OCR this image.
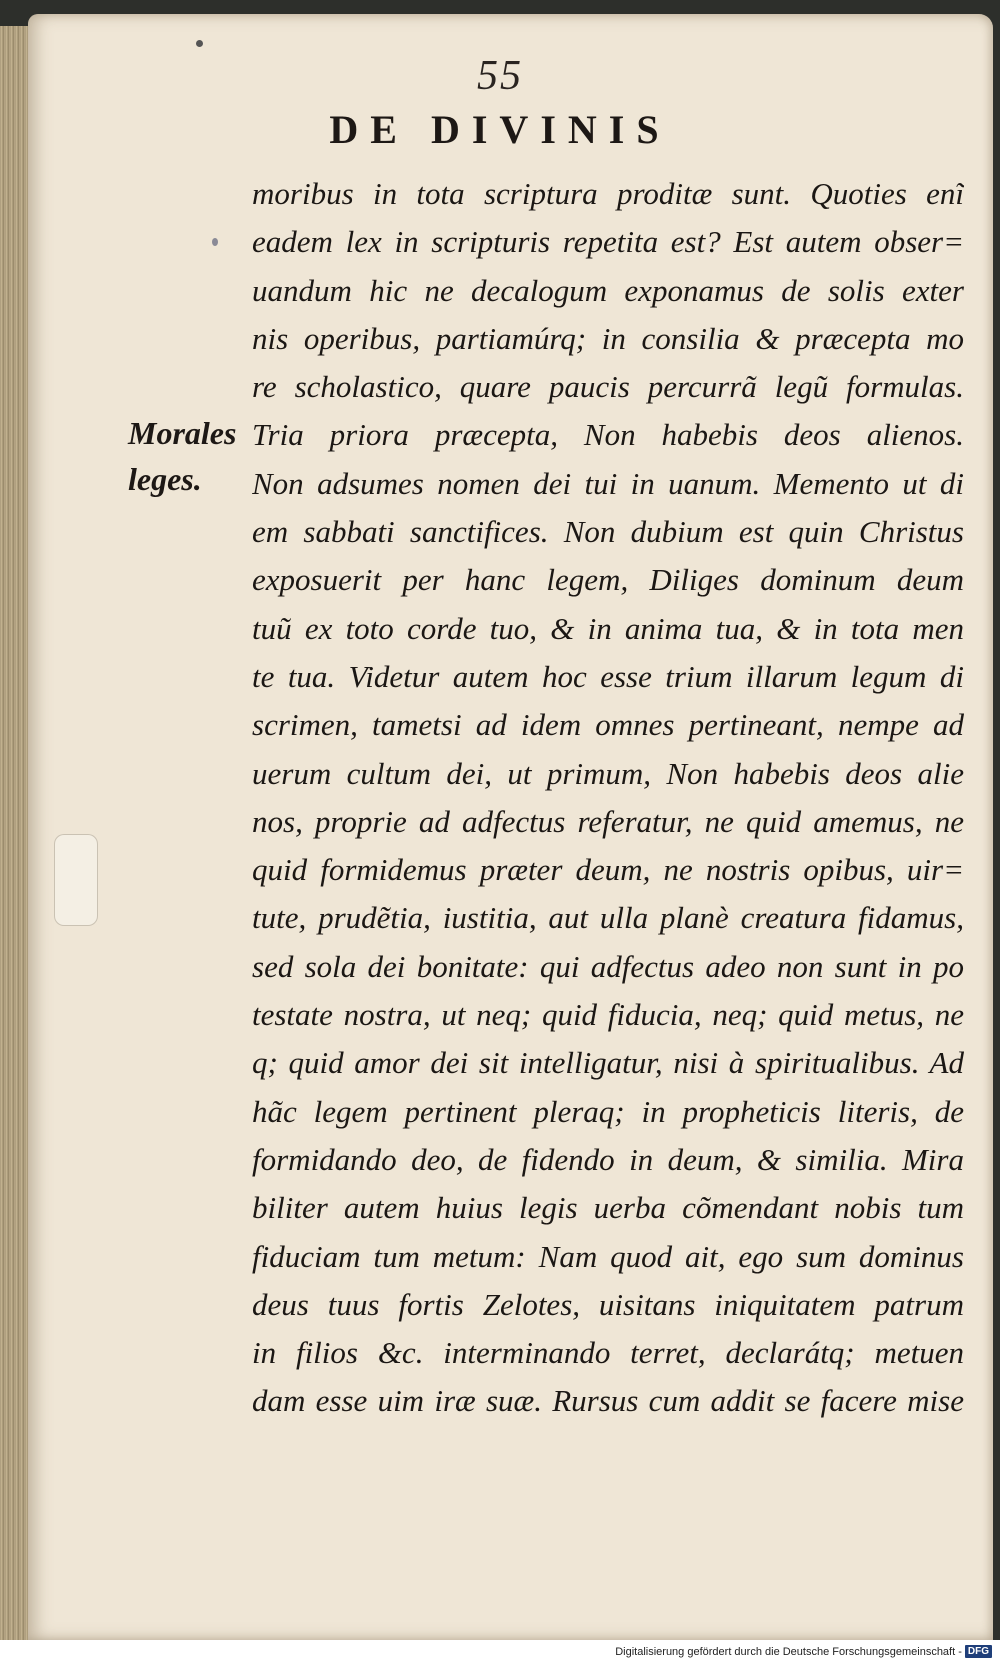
55
DE DIVINIS
Morales
leges.
moribus in tota scriptura proditæ sunt. Quoties enĩ
eadem lex in scripturis repetita est? Est autem obser=
uandum hic ne decalogum exponamus de solis exter
nis operibus, partiamúrq; in consilia & præcepta mo
re scholastico, quare paucis percurrã legũ formulas.
Tria priora præcepta, Non habebis deos alienos.
Non adsumes nomen dei tui in uanum. Memento ut di
em sabbati sanctifices. Non dubium est quin Christus
exposuerit per hanc legem, Diliges dominum deum
tuũ ex toto corde tuo, & in anima tua, & in tota men
te tua. Videtur autem hoc esse trium illarum legum di
scrimen, tametsi ad idem omnes pertineant, nempe ad
uerum cultum dei, ut primum, Non habebis deos alie
nos, proprie ad adfectus referatur, ne quid amemus, ne
quid formidemus præter deum, ne nostris opibus, uir=
tute, prudẽtia, iustitia, aut ulla planè creatura fidamus,
sed sola dei bonitate: qui adfectus adeo non sunt in po
testate nostra, ut neq; quid fiducia, neq; quid metus, ne
q; quid amor dei sit intelligatur, nisi à spiritualibus. Ad
hãc legem pertinent pleraq; in propheticis literis, de
formidando deo, de fidendo in deum, & similia. Mira
biliter autem huius legis uerba cõmendant nobis tum
fiduciam tum metum: Nam quod ait, ego sum dominus
deus tuus fortis Zelotes, uisitans iniquitatem patrum
in filios &c. interminando terret, declarátq; metuen
dam esse uim iræ suæ. Rursus cum addit se facere mise
Digitalisierung gefördert durch die Deutsche Forschungsgemeinschaft - DFG
